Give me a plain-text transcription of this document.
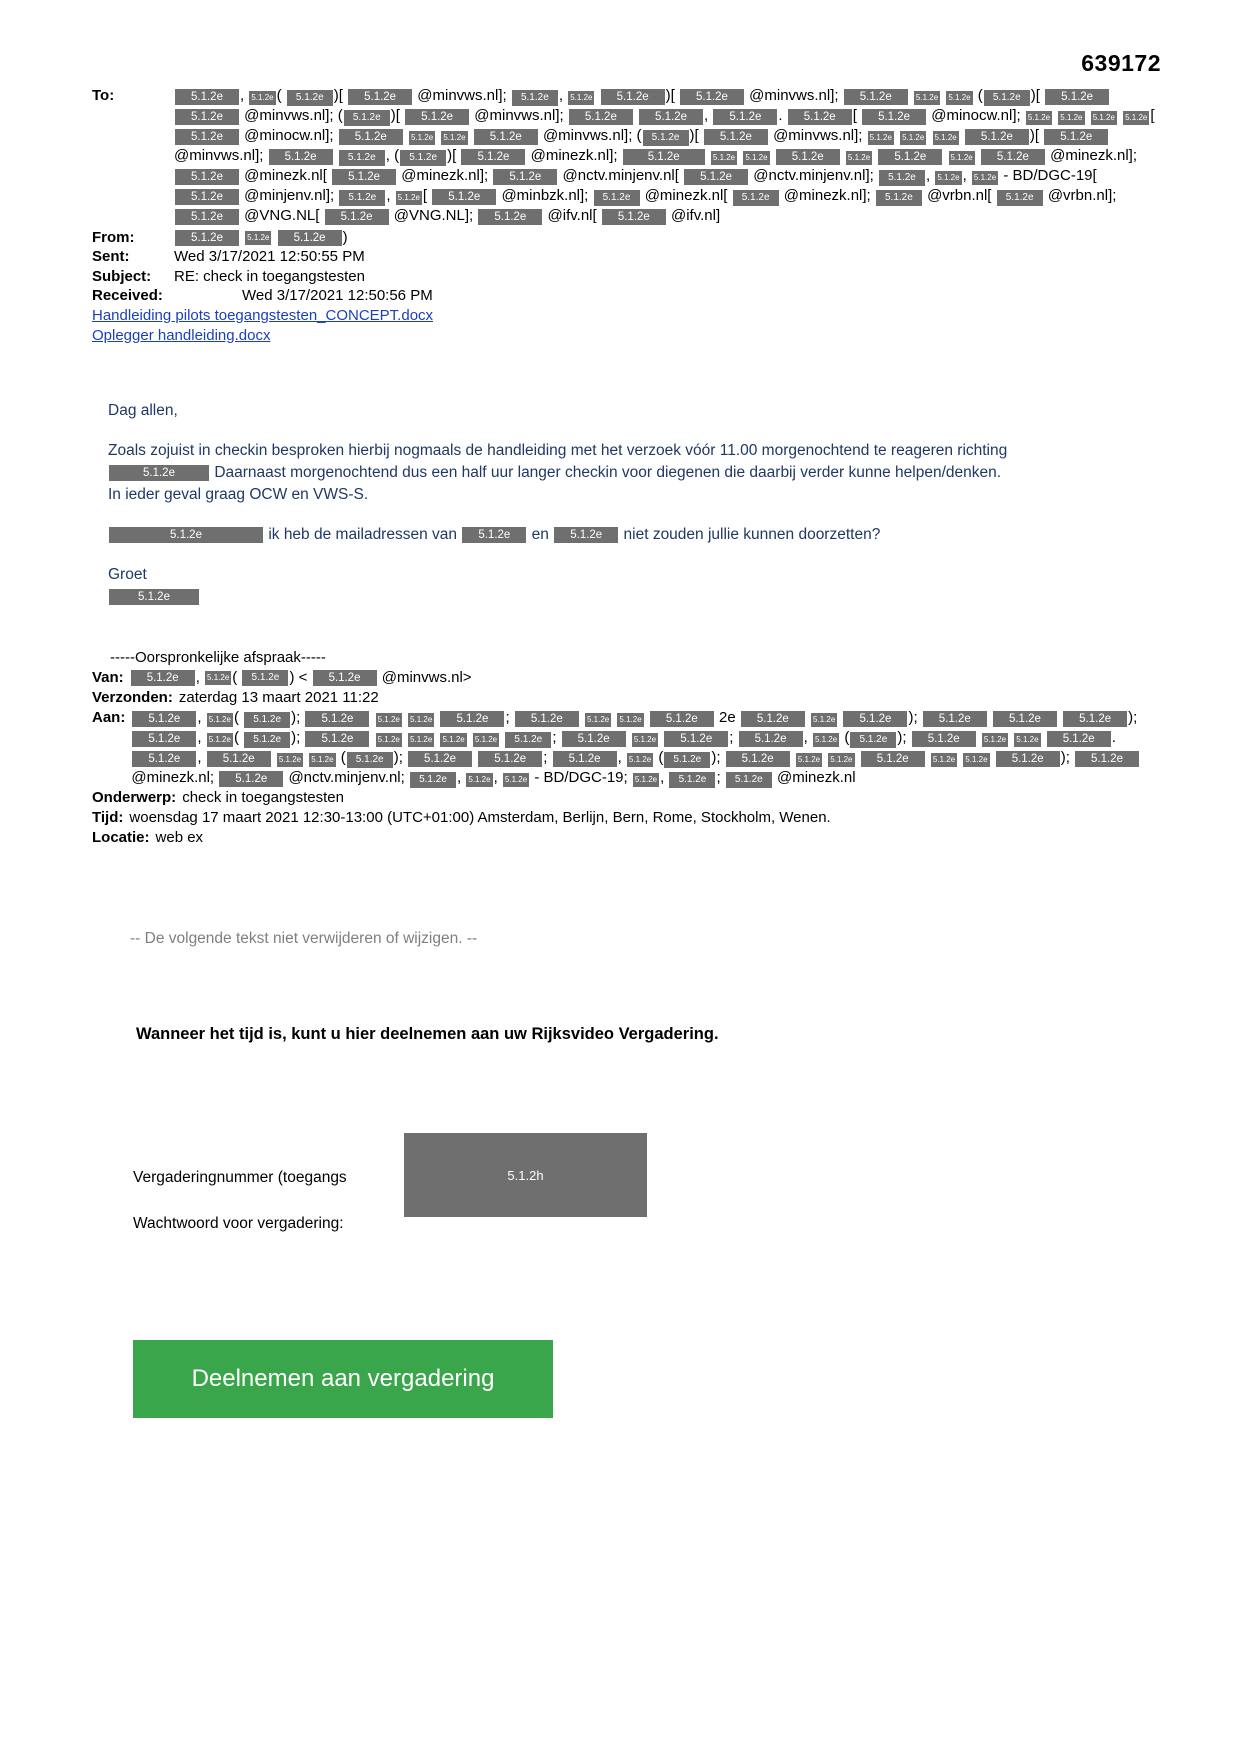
639172
To:	5.1.2e , 5.1.2e ( 5.1.2e )[ 5.1.2e @minvws.nl]; 5.1.2e , 5.1.2e 5.1.2e )[ 5.1.2e @minvws.nl]; 5.1.2e	5.1.2e 5.1.2e ( 5.1.2e )[ 5.1.2e 5.1.2e @minvws.nl]; ( 5.1.2e )[ 5.1.2e @minvws.nl]; 5.1.2e	5.1.2e , 5.1.2e . 5.1.2e [ 5.1.2e @minocw.nl]; 5.1.2e 5.1.2e 5.1.2e 5.1.2e [ 5.1.2e @minocw.nl]; 5.1.2e	5.1.2e 5.1.2e 5.1.2e @minvws.nl]; ( 5.1.2e )[ 5.1.2e @minvws.nl]; 5.1.2e 5.1.2e 5.1.2e 5.1.2e )[ 5.1.2e @minvws.nl]; 5.1.2e	5.1.2e , ( 5.1.2e )[ 5.1.2e @minezk.nl];	5.1.2e	5.1.2e 5.1.2e 5.1.2e	5.1.2e 5.1.2e	5.1.2e 5.1.2e @minezk.nl]; 5.1.2e @minezk.nl[ 5.1.2e @minezk.nl]; 5.1.2e @nctv.minjenv.nl[ 5.1.2e @nctv.minjenv.nl]; 5.1.2e , 5.1.2e , 5.1.2e - BD/DGC-19[ 5.1.2e @minjenv.nl]; 5.1.2e , 5.1.2e [ 5.1.2e @minbzk.nl]; 5.1.2e @minezk.nl[ 5.1.2e @minezk.nl]; 5.1.2e @vrbn.nl[ 5.1.2e @vrbn.nl]; 5.1.2e @VNG.NL[ 5.1.2e @VNG.NL]; 5.1.2e @ifv.nl[ 5.1.2e @ifv.nl]
From:	5.1.2e	5.1.2e 5.1.2e )
Sent:	Wed 3/17/2021 12:50:55 PM
Subject:	RE: check in toegangstesten
Received:	Wed 3/17/2021 12:50:56 PM
Handleiding pilots toegangstesten_CONCEPT.docx
Oplegger handleiding.docx

Dag allen,

Zoals zojuist in checkin besproken hierbij nogmaals de handleiding met het verzoek vóór 11.00 morgenochtend te reageren richting
5.1.2e	Daarnaast morgenochtend dus een half uur langer checkin voor diegenen die daarbij verder kunne helpen/denken.
In ieder geval graag OCW en VWS-S.

5.1.2e	ik heb de mailadressen van 5.1.2e en 5.1.2e niet zouden jullie kunnen doorzetten?

Groet
5.1.2e

-----Oorspronkelijke afspraak-----
Van:	5.1.2e , 5.1.2e ( 5.1.2e ) < 5.1.2e @minvws.nl>
Verzonden: zaterdag 13 maart 2021 11:22
Aan:	5.1.2e , 5.1.2e ( 5.1.2e ); 5.1.2e	5.1.2e 5.1.2e 5.1.2e ; 5.1.2e	5.1.2e 5.1.2e 5.1.2e 2e 5.1.2e	5.1.2e 5.1.2e ); 5.1.2e	5.1.2e	5.1.2e ); 5.1.2e , 5.1.2e ( 5.1.2e ); 5.1.2e	5.1.2e 5.1.2e 5.1.2e 5.1.2e 5.1.2e ; 5.1.2e	5.1.2e 5.1.2e ; 5.1.2e , 5.1.2e ( 5.1.2e ); 5.1.2e	5.1.2e 5.1.2e 5.1.2e . 5.1.2e , 5.1.2e	5.1.2e 5.1.2e ( 5.1.2e ); 5.1.2e	5.1.2e ; 5.1.2e , 5.1.2e ( 5.1.2e ); 5.1.2e	5.1.2e 5.1.2e 5.1.2e	5.1.2e 5.1.2e 5.1.2e ); 5.1.2e @minezk.nl; 5.1.2e @nctv.minjenv.nl; 5.1.2e , 5.1.2e , 5.1.2e - BD/DGC-19; 5.1.2e , 5.1.2e ; 5.1.2e @minezk.nl
Onderwerp: check in toegangstesten
Tijd: woensdag 17 maart 2021 12:30-13:00 (UTC+01:00) Amsterdam, Berlijn, Bern, Rome, Stockholm, Wenen.
Locatie: web ex
-- De volgende tekst niet verwijderen of wijzigen. --
Wanneer het tijd is, kunt u hier deelnemen aan uw Rijksvideo Vergadering.
Vergaderingnummer (toegangs
Wachtwoord voor vergadering:
5.1.2h
Deelnemen aan vergadering
